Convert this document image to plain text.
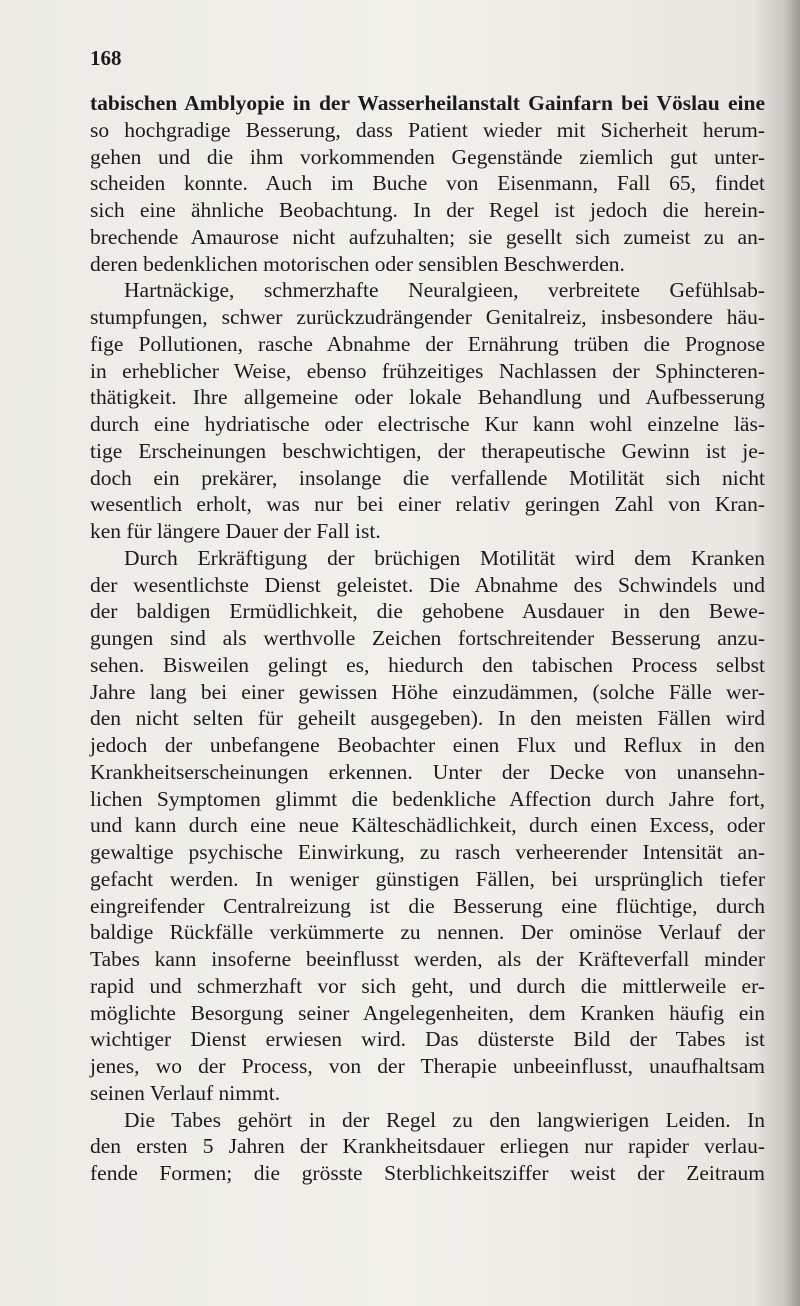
168

tabischen Amblyopie in der Wasserheilanstalt Gainfarn bei Vöslau eine
so hochgradige Besserung, dass Patient wieder mit Sicherheit herum-
gehen und die ihm vorkommenden Gegenstände ziemlich gut unter-
scheiden konnte. Auch im Buche von Eisenmann, Fall 65, findet
sich eine ähnliche Beobachtung. In der Regel ist jedoch die herein-
brechende Amaurose nicht aufzuhalten; sie gesellt sich zumeist zu an-
deren bedenklichen motorischen oder sensiblen Beschwerden.

Hartnäckige, schmerzhafte Neuralgieen, verbreitete Gefühlsab-
stumpfungen, schwer zurückzudrängender Genitalreiz, insbesondere häu-
fige Pollutionen, rasche Abnahme der Ernährung trüben die Prognose
in erheblicher Weise, ebenso frühzeitiges Nachlassen der Sphincteren-
thätigkeit. Ihre allgemeine oder lokale Behandlung und Aufbesserung
durch eine hydriatische oder electrische Kur kann wohl einzelne läs-
tige Erscheinungen beschwichtigen, der therapeutische Gewinn ist je-
doch ein prekärer, insolange die verfallende Motilität sich nicht
wesentlich erholt, was nur bei einer relativ geringen Zahl von Kran-
ken für längere Dauer der Fall ist.

Durch Erkräftigung der brüchigen Motilität wird dem Kranken
der wesentlichste Dienst geleistet. Die Abnahme des Schwindels und
der baldigen Ermüdlichkeit, die gehobene Ausdauer in den Bewe-
gungen sind als werthvolle Zeichen fortschreitender Besserung anzu-
sehen. Bisweilen gelingt es, hiedurch den tabischen Process selbst
Jahre lang bei einer gewissen Höhe einzudämmen, (solche Fälle wer-
den nicht selten für geheilt ausgegeben). In den meisten Fällen wird
jedoch der unbefangene Beobachter einen Flux und Reflux in den
Krankheitserscheinungen erkennen. Unter der Decke von unansehn-
lichen Symptomen glimmt die bedenkliche Affection durch Jahre fort,
und kann durch eine neue Kälteschädlichkeit, durch einen Excess, oder
gewaltige psychische Einwirkung, zu rasch verheerender Intensität an-
gefacht werden. In weniger günstigen Fällen, bei ursprünglich tiefer
eingreifender Centralreizung ist die Besserung eine flüchtige, durch
baldige Rückfälle verkümmerte zu nennen. Der ominöse Verlauf der
Tabes kann insoferne beeinflusst werden, als der Kräfteverfall minder
rapid und schmerzhaft vor sich geht, und durch die mittlerweile er-
möglichte Besorgung seiner Angelegenheiten, dem Kranken häufig ein
wichtiger Dienst erwiesen wird. Das düsterste Bild der Tabes ist
jenes, wo der Process, von der Therapie unbeeinflusst, unaufhaltsam
seinen Verlauf nimmt.

Die Tabes gehört in der Regel zu den langwierigen Leiden. In
den ersten 5 Jahren der Krankheitsdauer erliegen nur rapider verlau-
fende Formen; die grösste Sterblichkeitsziffer weist der Zeitraum
